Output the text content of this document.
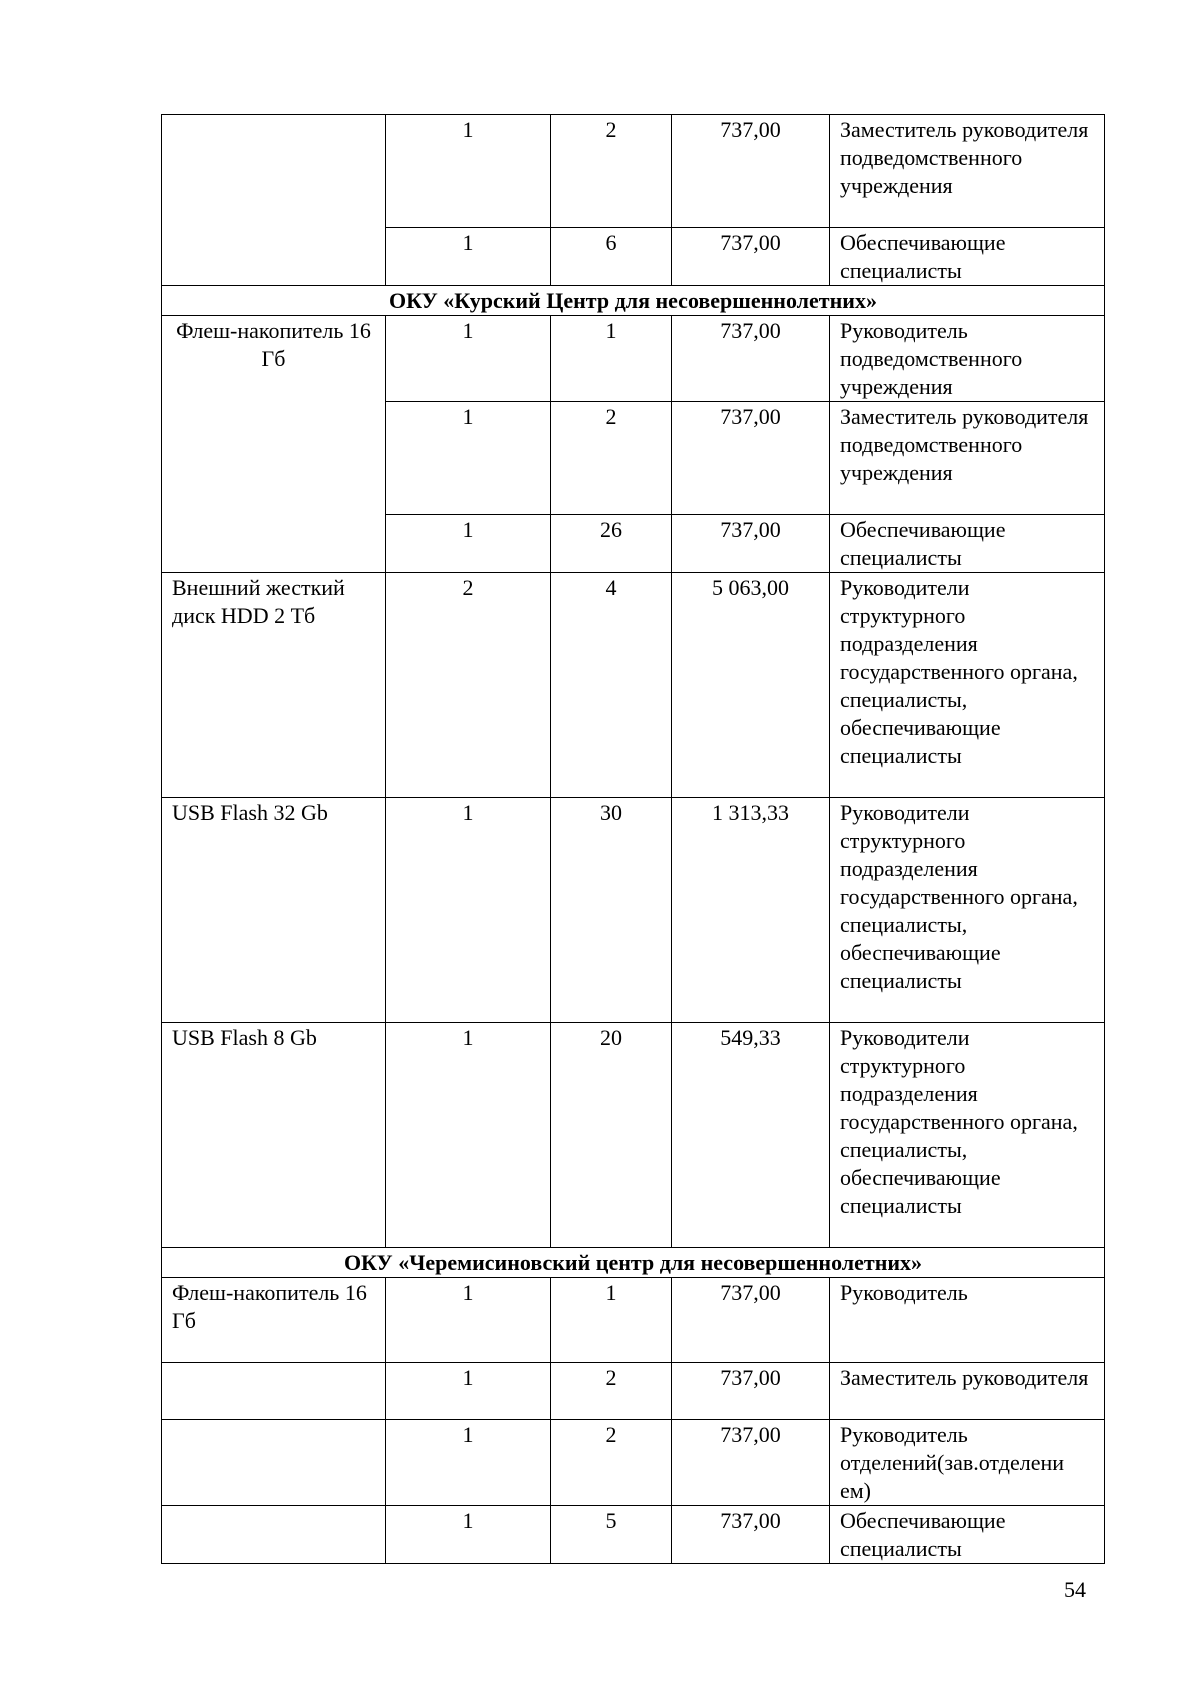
	1	2	737,00	Заместитель руководителя подведомственного учреждения
	1	6	737,00	Обеспечивающие специалисты
ОКУ «Курский Центр для несовершеннолетних»				
Флеш-накопитель 16 Гб	1	1	737,00	Руководитель подведомственного учреждения
	1	2	737,00	Заместитель руководителя подведомственного учреждения
	1	26	737,00	Обеспечивающие специалисты
Внешний жесткий диск HDD 2 Тб	2	4	5 063,00	Руководители структурного подразделения государственного органа, специалисты, обеспечивающие специалисты
USB Flash 32 Gb	1	30	1 313,33	Руководители структурного подразделения государственного органа, специалисты, обеспечивающие специалисты
USB Flash 8 Gb	1	20	549,33	Руководители структурного подразделения государственного органа, специалисты, обеспечивающие специалисты
ОКУ «Черемисиновский центр для несовершеннолетних»				
Флеш-накопитель 16 Гб	1	1	737,00	Руководитель
	1	2	737,00	Заместитель руководителя
	1	2	737,00	Руководитель отделений(зав.отделени ем)
	1	5	737,00	Обеспечивающие специалисты
54
